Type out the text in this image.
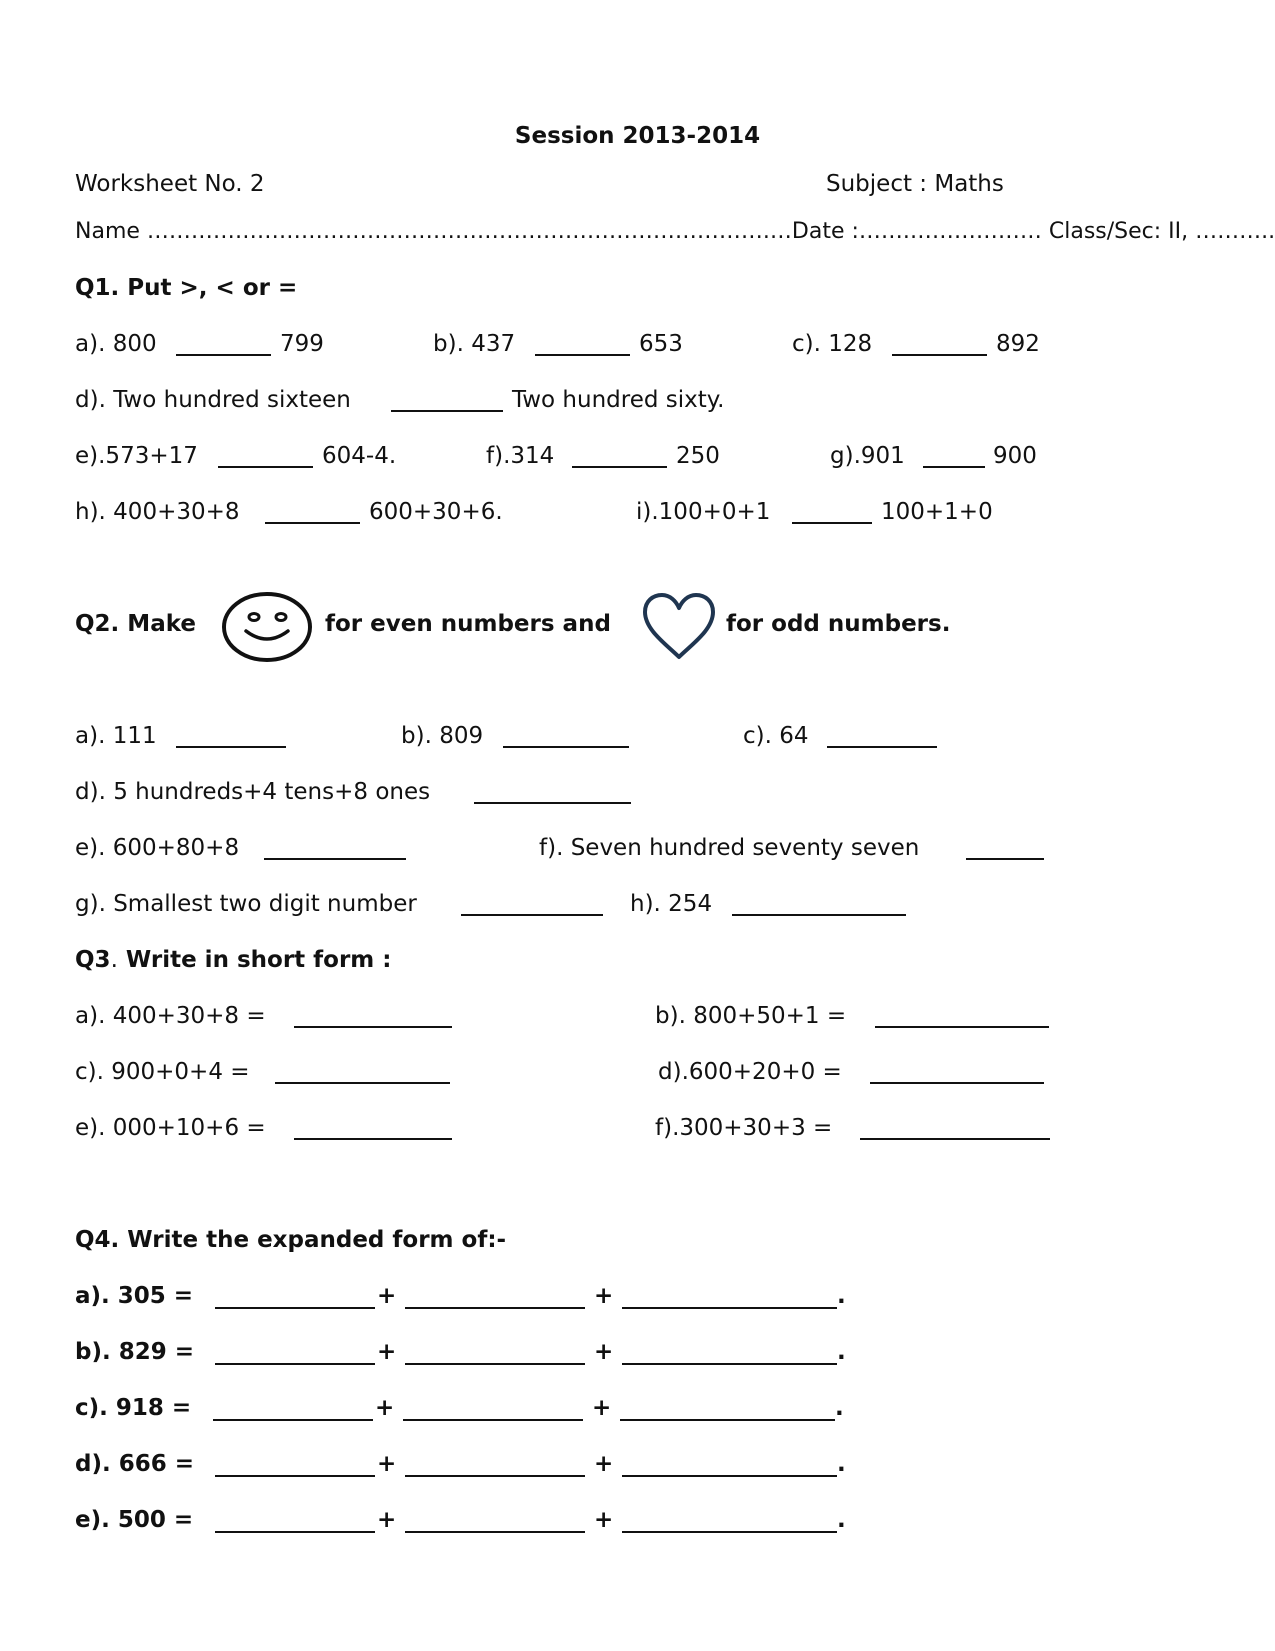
Session 2013-2014
Worksheet No. 2	Subject : Maths
Name ………………………………………………………………………….…Date :…….……………… Class/Sec: II, ………..
Q1. Put >, < or =
a). 800	799	b). 437	653	c). 128	892
d). Two hundred sixteen	Two hundred sixty.
e).573+17	604-4.	f).314	250	g).901	900
h). 400+30+8	600+30+6.	i).100+0+1	100+1+0
Q2. Make	for even numbers and	for odd numbers.
a). 111	b). 809	c). 64
d). 5 hundreds+4 tens+8 ones
e). 600+80+8	f). Seven hundred seventy seven
g). Smallest two digit number	h). 254
Q3. Write in short form :
a). 400+30+8 =	b). 800+50+1 =
c). 900+0+4 =	d).600+20+0 =
e). 000+10+6 =	f).300+30+3 =
Q4. Write the expanded form of:-
a). 305 =	+	+	.
b). 829 =	+	+	.
c). 918 =	+	+	.
d). 666 =	+	+	.
e). 500 =	+	+	.
